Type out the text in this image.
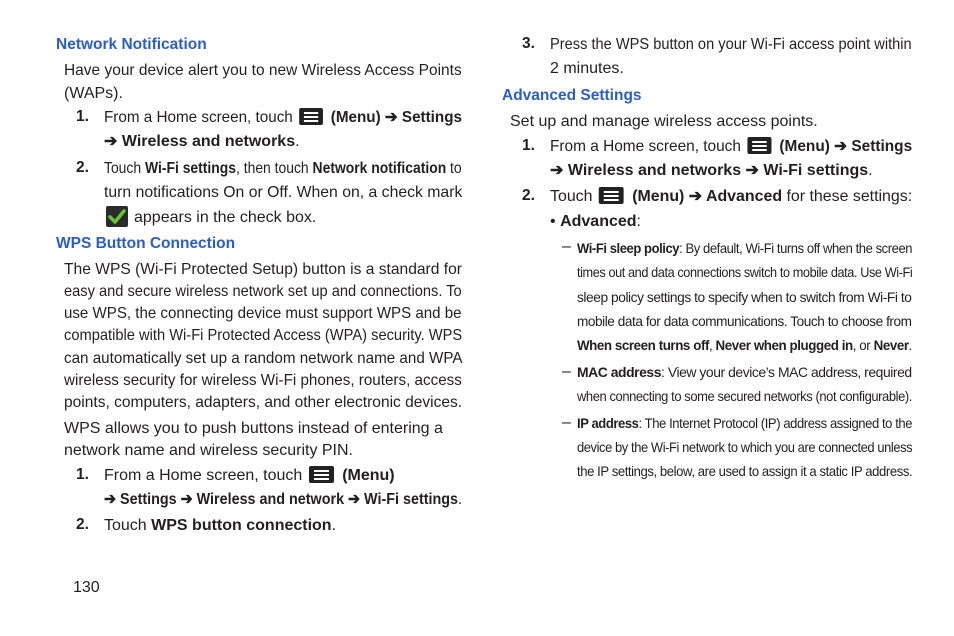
Network Notification
Have your device alert you to new Wireless Access Points
(WAPs).
1. From a Home screen, touch (Menu) ➔ Settings
➔ Wireless and networks.
2. Touch Wi-Fi settings, then touch Network notification to
turn notifications On or Off. When on, a check mark
appears in the check box.
WPS Button Connection
The WPS (Wi-Fi Protected Setup) button is a standard for
easy and secure wireless network set up and connections. To
use WPS, the connecting device must support WPS and be
compatible with Wi-Fi Protected Access (WPA) security. WPS
can automatically set up a random network name and WPA
wireless security for wireless Wi-Fi phones, routers, access
points, computers, adapters, and other electronic devices.
WPS allows you to push buttons instead of entering a
network name and wireless security PIN.
1. From a Home screen, touch (Menu)
➔ Settings ➔ Wireless and network ➔ Wi-Fi settings.
2. Touch WPS button connection.
130
3. Press the WPS button on your Wi-Fi access point within
2 minutes.
Advanced Settings
Set up and manage wireless access points.
1. From a Home screen, touch (Menu) ➔ Settings
➔ Wireless and networks ➔ Wi-Fi settings.
2. Touch (Menu) ➔ Advanced for these settings:
• Advanced:
– Wi-Fi sleep policy: By default, Wi-Fi turns off when the screen
times out and data connections switch to mobile data. Use Wi-Fi
sleep policy settings to specify when to switch from Wi-Fi to
mobile data for data communications. Touch to choose from
When screen turns off, Never when plugged in, or Never.
– MAC address: View your device’s MAC address, required
when connecting to some secured networks (not configurable).
– IP address: The Internet Protocol (IP) address assigned to the
device by the Wi-Fi network to which you are connected unless
the IP settings, below, are used to assign it a static IP address.
